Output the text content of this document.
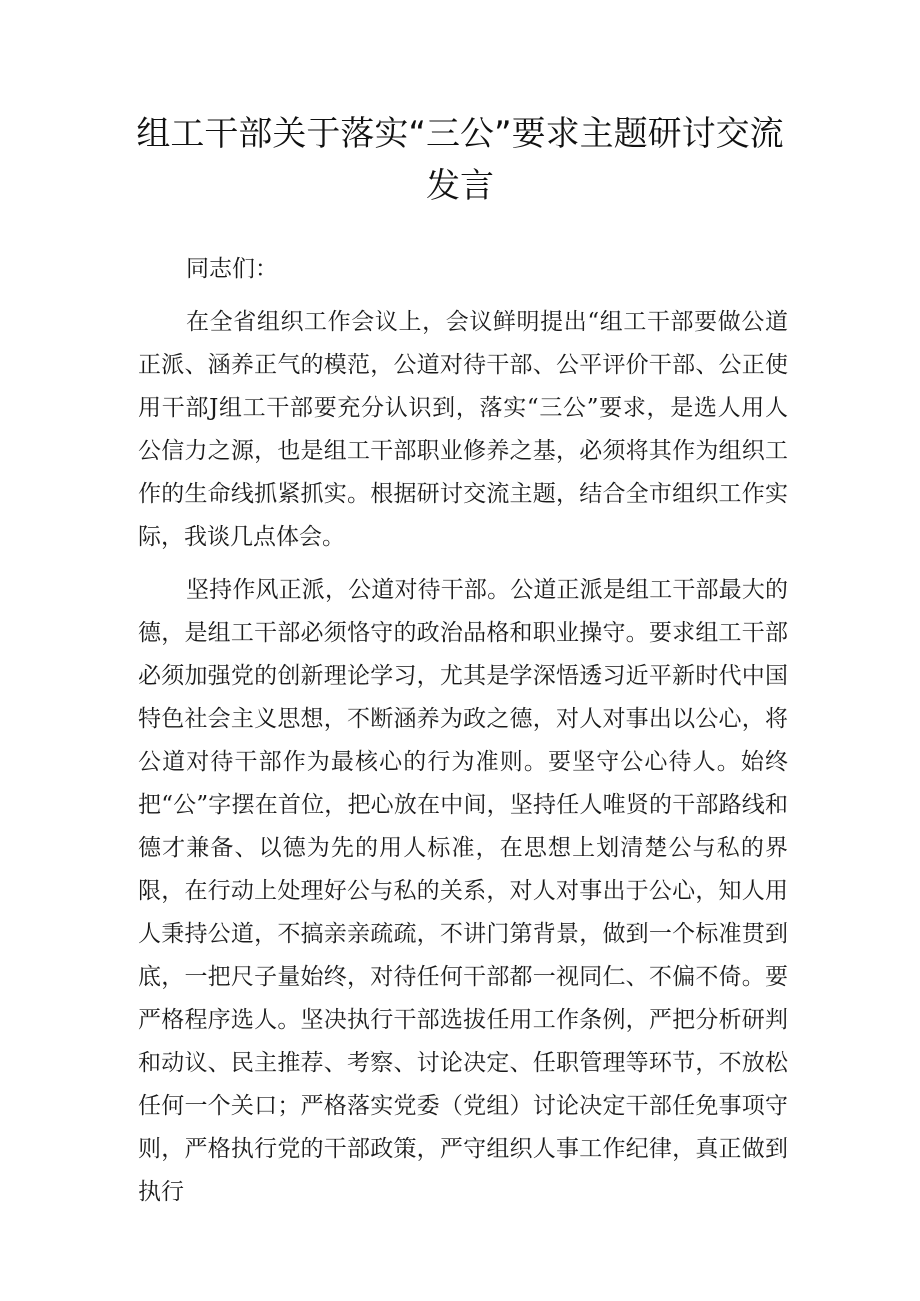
组工干部关于落实“三公”要求主题研讨交流发言

同志们：

在全省组织工作会议上，会议鲜明提出“组工干部要做公道正派、涵养正气的模范，公道对待干部、公平评价干部、公正使用干部J组工干部要充分认识到，落实“三公”要求，是选人用人公信力之源，也是组工干部职业修养之基，必须将其作为组织工作的生命线抓紧抓实。根据研讨交流主题，结合全市组织工作实际，我谈几点体会。

坚持作风正派，公道对待干部。公道正派是组工干部最大的德，是组工干部必须恪守的政治品格和职业操守。要求组工干部必须加强党的创新理论学习，尤其是学深悟透习近平新时代中国特色社会主义思想，不断涵养为政之德，对人对事出以公心，将公道对待干部作为最核心的行为准则。要坚守公心待人。始终把“公”字摆在首位，把心放在中间，坚持任人唯贤的干部路线和德才兼备、以德为先的用人标准，在思想上划清楚公与私的界限，在行动上处理好公与私的关系，对人对事出于公心，知人用人秉持公道，不搞亲亲疏疏，不讲门第背景，做到一个标准贯到底，一把尺子量始终，对待任何干部都一视同仁、不偏不倚。要严格程序选人。坚决执行干部选拔任用工作条例，严把分析研判和动议、民主推荐、考察、讨论决定、任职管理等环节，不放松任何一个关口；严格落实党委（党组）讨论决定干部任免事项守则，严格执行党的干部政策，严守组织人事工作纪律，真正做到执行
